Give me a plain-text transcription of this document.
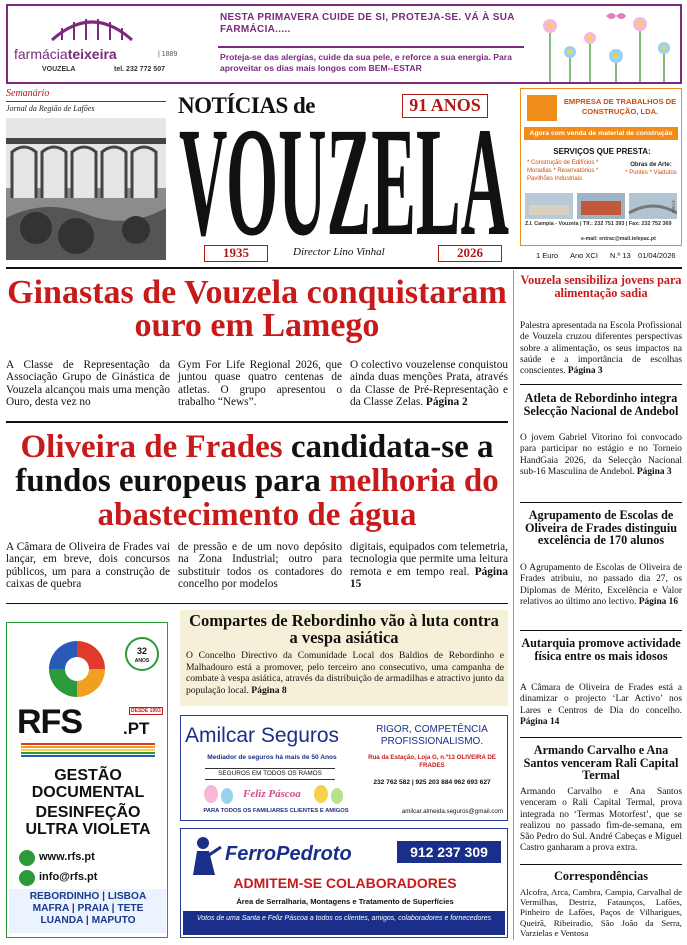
farmáciateixeira	| 1889
VOUZELA	tel. 232 772 507
NESTA PRIMAVERA CUIDE DE SI, PROTEJA-SE. VÁ À SUA FARMÁCIA.....
Proteja-se das alergias, cuide da sua pele, e reforce a sua energia. Para aproveitar os dias mais longos com BEM--ESTAR
Semanário
Jornal da Região de Lafões	NOTÍCIAS de	91 ANOS
VOUZELA
1935	Director Lino Vinhal	2026
EMPRESA DE TRABALHOS DE CONSTRUÇÃO, LDA.
Agora com venda de material de construção
SERVIÇOS QUE PRESTA:
* Construção de Edifícios * Moradias * Reservatórios * Pavilhões Industriais
Obras de Arte:
* Pontes * Viadutos
Z.I. Campia - Vouzela | Tlf.: 232 751 393 | Fax: 232 752 369
e-mail: entrac@mail.telepac.pt
28613
1 Euro Ano XCI N.º 13 01/04/2026
Ginastas de Vouzela conquistaram ouro em Lamego
A Classe de Representação da Associação Grupo de Ginástica de Vouzela alcançou mais uma menção Ouro, desta vez no
Gym For Life Regional 2026, que juntou quase quatro centenas de atletas. O grupo apresentou o trabalho “News”.
O colectivo vouzelense conquistou ainda duas menções Prata, através da Classe de Pré-Representação e da Classe Zelas. Página 2
Oliveira de Frades candidata-se a fundos europeus para melhoria do abastecimento de água
A Câmara de Oliveira de Frades vai lançar, em breve, dois concursos públicos, um para a construção de caixas de quebra
de pressão e de um novo depósito na Zona Industrial; outro para substituir todos os contadores do concelho por modelos
digitais, equipados com telemetria, tecnologia que permite uma leitura remota e em tempo real. Página 15
32
ANOS
RFS	DESDE 1993
.PT
GESTÃO DOCUMENTAL
DESINFEÇÃO ULTRA VIOLETA
www.rfs.pt
info@rfs.pt
REBORDINHO | LISBOA MAFRA | PRAIA | TETE LUANDA | MAPUTO
Compartes de Rebordinho vão à luta contra a vespa asiática
O Concelho Directivo da Comunidade Local dos Baldios de Rebordinho e Malhadouro está a promover, pelo terceiro ano consecutivo, uma campanha de combate à vespa asiática, através da distribuição de armadilhas e atractivo junto da população local. Página 8
Amilcar Seguros
Mediador de seguros há mais de 50 Anos
SEGUROS EM TODOS OS RAMOS
Feliz Páscoa
PARA TODOS OS FAMILIARES CLIENTES E AMIGOS
RIGOR, COMPETÊNCIA PROFISSIONALISMO.
Rua da Estação, Loja G, n.º13 OLIVEIRA DE FRADES
232 762 582 | 925 203 884 962 693 627
amilcar.almeida.seguros@gmail.com
FerroPedroto	912 237 309
ADMITEM-SE COLABORADORES
Área de Serralharia, Montagens e Tratamento de Superfícies
Votos de uma Santa e Feliz Páscoa a todos os clientes, amigos, colaboradores e fornecedores
Vouzela sensibiliza jovens para alimentação sadia
Palestra apresentada na Escola Profissional de Vouzela cruzou diferentes perspectivas sobre a alimentação, os seus impactos na saúde e a importância de escolhas conscientes. Página 3
Atleta de Rebordinho integra Selecção Nacional de Andebol
O jovem Gabriel Vitorino foi convocado para participar no estágio e no Torneio HandGaia 2026, da Selecção Nacional sub-16 Masculina de Andebol. Página 3
Agrupamento de Escolas de Oliveira de Frades distinguiu excelência de 170 alunos
O Agrupamento de Escolas de Oliveira de Frades atribuiu, no passado dia 27, os Diplomas de Mérito, Excelência e Valor relativos ao último ano lectivo. Página 16
Autarquia promove actividade física entre os mais idosos
A Câmara de Oliveira de Frades está a dinamizar o projecto ‘Lar Activo’ nos Lares e Centros de Dia do concelho. Página 14
Armando Carvalho e Ana Santos venceram Rali Capital Termal
Armando Carvalho e Ana Santos venceram o Rali Capital Termal, prova integrada no ‘Termas Motorfest’, que se realizou no passado fim-de-semana, em São Pedro do Sul. André Cabeças e Miguel Castro ganharam a prova extra.
Correspondências
Alcofra, Arca, Cambra, Campia, Carvalhal de Vermilhas, Destriz, Fataunços, Lafões, Pinheiro de Lafões, Paços de Vilharigues, Queirã, Ribeiradio, São João da Serra, Varzielas e Ventosa
